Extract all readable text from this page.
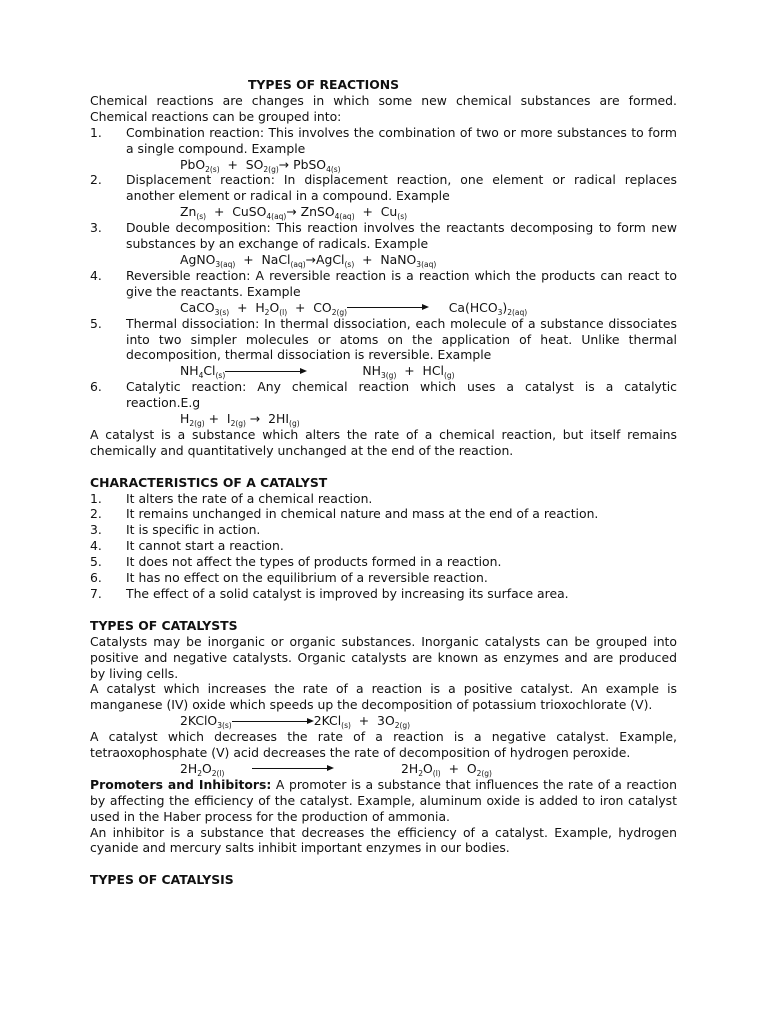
TYPES OF REACTIONS

Chemical reactions are changes in which some new chemical substances are formed. Chemical reactions can be grouped into:

1.	Combination reaction: This involves the combination of two or more substances to form a single compound. Example
$PbO_{2(s)} + SO_{2(g)}\to$ PbSO$_{4(s)}$
2.	Displacement reaction: In displacement reaction, one element or radical replaces another element or radical in a compound. Example
$Zn_{(s)}$  +  CuSO$_{4(aq)}$→ ZnSO$_{4(aq)}$  +  $Cu_{(s)}$
3.	Double decomposition: This reaction involves the reactants decomposing to form new substances by an exchange of radicals. Example
AgNO$_{3(aq)}$  +  NaCl$_{(aq)}$→AgCl$_{(s)}$  +  NaNO$_{3(aq)}$
4.	Reversible reaction: A reversible reaction is a reaction which the products can react to give the reactants. Example
CaCO$_{3(s)}$  +  $H_2O_{(l)} + CO_{2(g)}$	$Ca(HCO_3)_{2(aq)}$
5.	Thermal dissociation: In thermal dissociation, each molecule of a substance dissociates into two simpler molecules or atoms on the application of heat. Unlike thermal decomposition, thermal dissociation is reversible. Example
$NH_4Cl_{(s)}$	$NH_{3(g)} + HCl_{(g)}$
6.	Catalytic reaction: Any chemical reaction which uses a catalyst is a catalytic reaction.E.g
$H_{2(g)} + I_{2(g)} \to 2HI_{(g)}$

A catalyst is a substance which alters the rate of a chemical reaction, but itself remains chemically and quantitatively unchanged at the end of the reaction.

CHARACTERISTICS OF A CATALYST
1.	It alters the rate of a chemical reaction.
2.	It remains unchanged in chemical nature and mass at the end of a reaction.
3.	It is specific in action.
4.	It cannot start a reaction.
5.	It does not affect the types of products formed in a reaction.
6.	It has no effect on the equilibrium of a reversible reaction.
7.	The effect of a solid catalyst is improved by increasing its surface area.
TYPES OF CATALYSTS

Catalysts may be inorganic or organic substances. Inorganic catalysts can be grouped into positive and negative catalysts. Organic catalysts are known as enzymes and are produced by living cells.

A catalyst which increases the rate of a reaction is a positive catalyst. An example is manganese (IV) oxide which speeds up the decomposition of potassium trioxochlorate (V).

2KClO$_{3(s)}$	$2KCl_{(s)} + 3O_{2(g)}$

A catalyst which decreases the rate of a reaction is a negative catalyst. Example, tetraoxophosphate (V) acid decreases the rate of decomposition of hydrogen peroxide.

$2H_2O_{2(l)}$	$2H_2O_{(l)} + O_{2(g)}$

Promoters and Inhibitors: A promoter is a substance that influences the rate of a reaction by affecting the efficiency of the catalyst. Example, aluminum oxide is added to iron catalyst used in the Haber process for the production of ammonia.

An inhibitor is a substance that decreases the efficiency of a catalyst. Example, hydrogen cyanide and mercury salts inhibit important enzymes in our bodies.

TYPES OF CATALYSIS
